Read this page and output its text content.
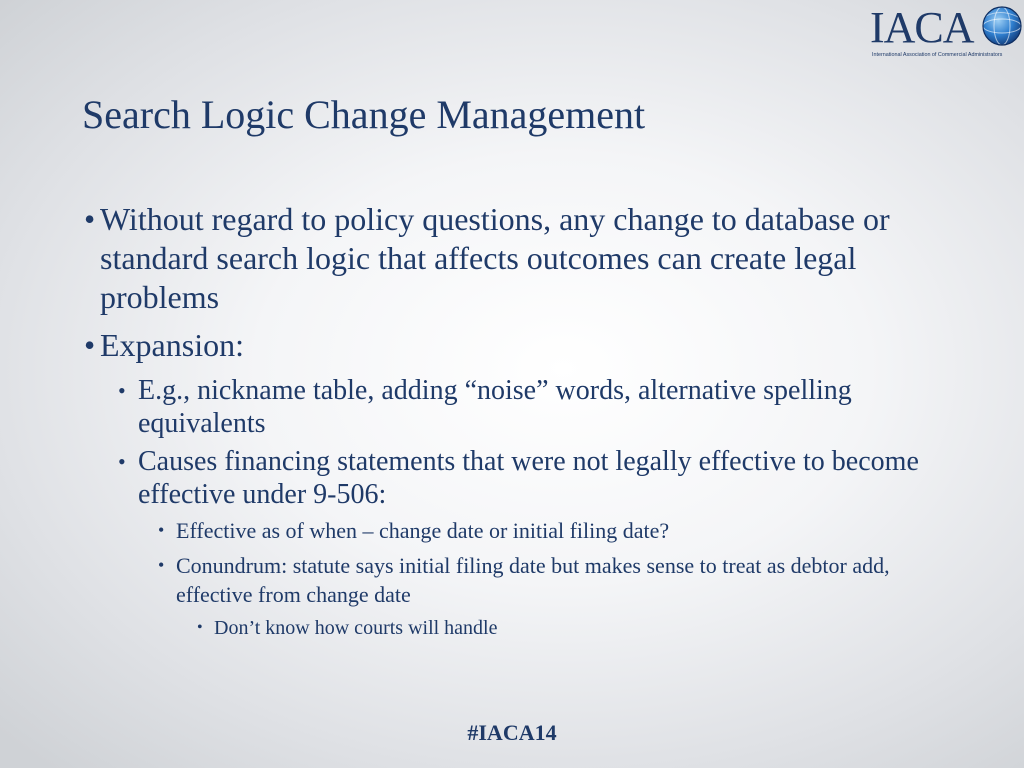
IACA
International Association of Commercial Administrators
Search Logic Change Management
• Without regard to policy questions, any change to database or standard search logic that affects outcomes can create legal problems
• Expansion:
• E.g., nickname table, adding “noise” words, alternative spelling equivalents
• Causes financing statements that were not legally effective to become effective under 9-506:
• Effective as of when – change date or initial filing date?
• Conundrum: statute says initial filing date but makes sense to treat as debtor add, effective from change date
• Don’t know how courts will handle
#IACA14
